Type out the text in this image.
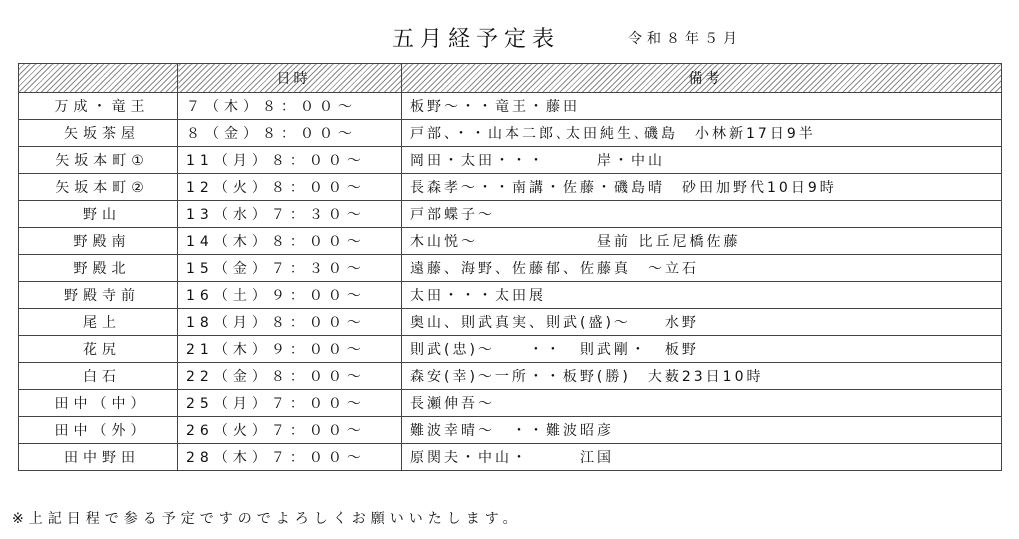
五月経予定表	令和８年５月
	日時	備考
万成・竜王	７（木）８：００～	板野～・・竜王・藤田
矢坂茶屋	８（金）８：００～	戸部、・・山本二郎､太田純生､磯島　小林新17日9半
矢坂本町①	11（月）８：００～	岡田・太田・・・　　　岸・中山
矢坂本町②	12（火）８：００～	長森孝～・・南講・佐藤・磯島晴　砂田加野代10日9時
野山	13（水）７：３０～	戸部蝶子～
野殿南	14（木）８：００～	木山悦～　　　　　　　昼前 比丘尼橋佐藤
野殿北	15（金）７：３０～	遠藤、海野、佐藤郁、佐藤真　～立石
野殿寺前	16（土）９：００～	太田・・・太田展
尾上	18（月）８：００～	奥山、則武真実、則武(盛)～　　水野
花尻	21（木）９：００～	則武(忠)～　　・・　則武剛・　板野
白石	22（金）８：００～	森安(幸)～一所・・板野(勝)　大薮23日10時
田中（中）	25（月）７：００～	長瀬伸吾～
田中（外）	26（火）７：００～	難波幸晴～　・・難波昭彦
田中野田	28（木）７：００～	原関夫・中山・　　　江国
※上記日程で参る予定ですのでよろしくお願いいたします。
